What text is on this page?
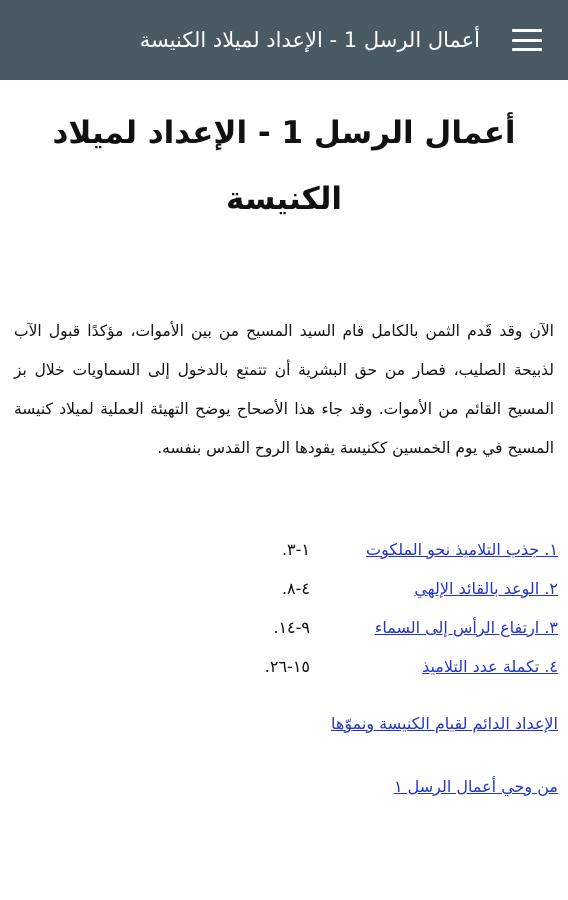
أعمال الرسل 1 - الإعداد لميلاد الكنيسة
أعمال الرسل 1 - الإعداد لميلاد الكنيسة
الآن وقد قَدم الثمن بالكامل قام السيد المسيح من بين الأموات، مؤكدًا قبول الآب لذبيحة الصليب، فصار من حق البشرية أن تتمتع بالدخول إلى السماويات خلال بز المسيح القائم من الأموات. وقد جاء هذا الأصحاح يوضح التهيئة العملية لميلاد كنيسة المسيح في يوم الخمسين ككنيسة يقودها الروح القدس بنفسه.
١. جذب التلاميذ نحو الملكوت
١-٣.
٢. الوعد بالقائد الإلهي
٤-٨.
٣. ارتفاع الرأس إلى السماء
٩-١٤.
٤. تكملة عدد التلاميذ
١٥-٢٦.
الإعداد الدائم لقيام الكنيسة ونموّها
من وحي أعمال الرسل ١
